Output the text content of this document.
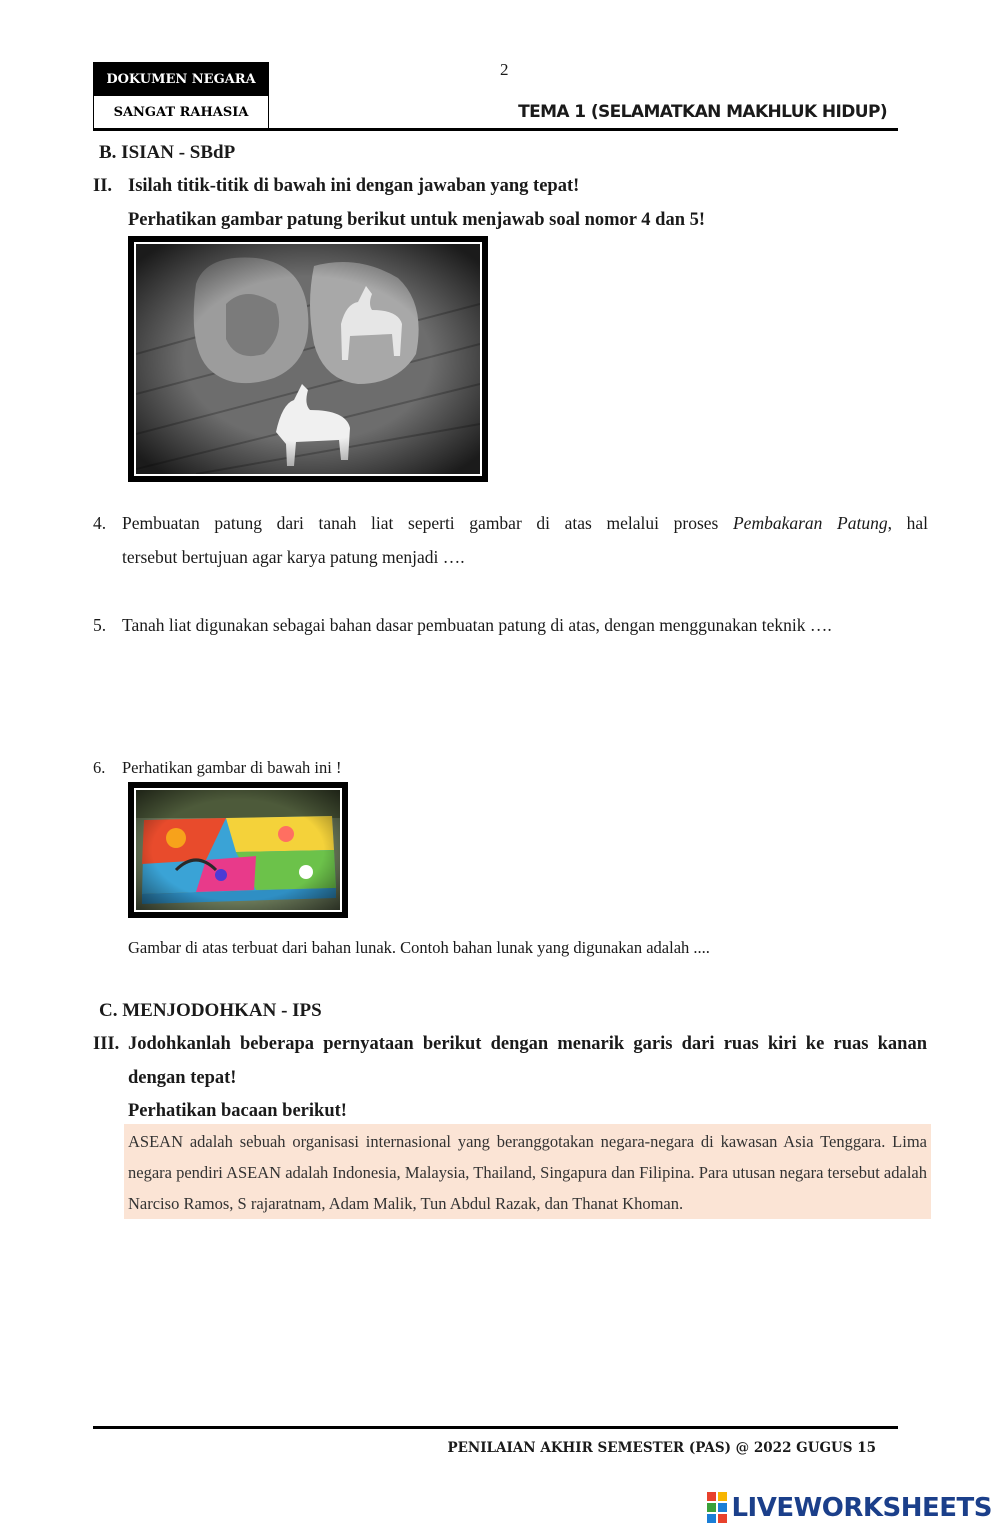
DOKUMEN NEGARA
SANGAT RAHASIA
2
TEMA 1 (SELAMATKAN MAKHLUK HIDUP)
B. ISIAN - SBdP
II. Isilah titik-titik di bawah ini dengan jawaban yang tepat!
Perhatikan gambar patung berikut untuk menjawab soal nomor 4 dan 5!
4. Pembuatan patung dari tanah liat seperti gambar di atas melalui proses Pembakaran Patung, hal
tersebut bertujuan agar karya patung menjadi ….
5. Tanah liat digunakan sebagai bahan dasar pembuatan patung di atas, dengan menggunakan teknik ….
6. Perhatikan gambar di bawah ini !
Gambar di atas terbuat dari bahan lunak. Contoh bahan lunak yang digunakan adalah ....
C. MENJODOHKAN - IPS
III. Jodohkanlah beberapa pernyataan berikut dengan menarik garis dari ruas kiri ke ruas kanan
dengan tepat!
Perhatikan bacaan berikut!
ASEAN adalah sebuah organisasi internasional yang beranggotakan negara-negara di kawasan Asia Tenggara. Lima negara pendiri ASEAN adalah Indonesia, Malaysia, Thailand, Singapura dan Filipina. Para utusan negara tersebut adalah Narciso Ramos, S rajaratnam, Adam Malik, Tun Abdul Razak, dan Thanat Khoman.
PENILAIAN AKHIR SEMESTER (PAS) @ 2022 GUGUS 15
LIVEWORKSHEETS
